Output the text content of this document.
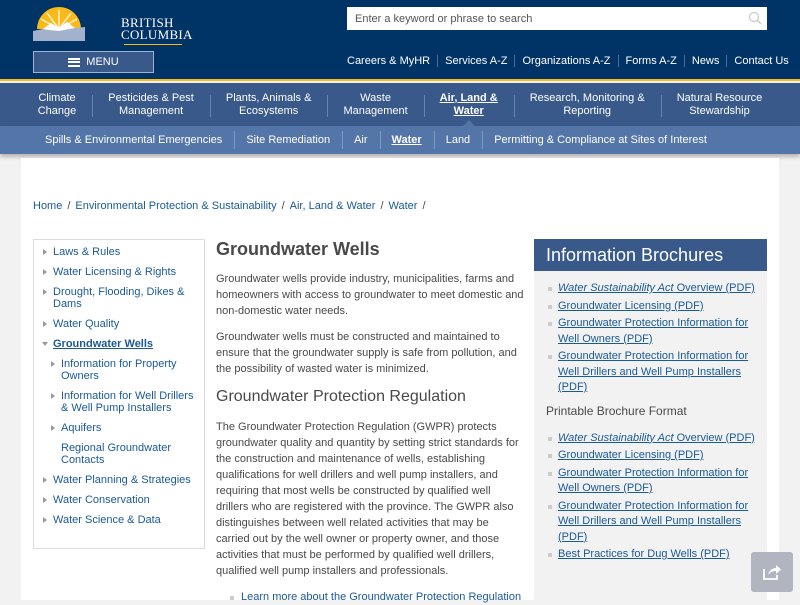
BRITISH
COLUMBIA
MENU
Enter a keyword or phrase to search
Careers & MyHR	Services A-Z	Organizations A-Z	Forms A-Z	News	Contact Us
Climate
Change
Pesticides & Pest
Management
Plants, Animals &
Ecosystems
Waste
Management
Air, Land &
Water
Research, Monitoring &
Reporting
Natural Resource
Stewardship
Spills & Environmental Emergencies	Site Remediation	Air	Water	Land	Permitting & Compliance at Sites of Interest
Home / Environmental Protection & Sustainability / Air, Land & Water / Water /
Laws & Rules
Water Licensing & Rights
Drought, Flooding, Dikes & Dams
Water Quality
Groundwater Wells
Information for Property Owners
Information for Well Drillers & Well Pump Installers
Aquifers
Regional Groundwater Contacts
Water Planning & Strategies
Water Conservation
Water Science & Data
Groundwater Wells

Groundwater wells provide industry, municipalities, farms and homeowners with access to groundwater to meet domestic and non-domestic water needs.

Groundwater wells must be constructed and maintained to ensure that the groundwater supply is safe from pollution, and the possibility of wasted water is minimized.

Groundwater Protection Regulation

The Groundwater Protection Regulation (GWPR) protects groundwater quality and quantity by setting strict standards for the construction and maintenance of wells, establishing qualifications for well drillers and well pump installers, and requiring that most wells be constructed by qualified well drillers who are registered with the province. The GWPR also distinguishes between well related activities that may be carried out by the well owner or property owner, and those activities that must be performed by qualified well drillers, qualified well pump installers and professionals.

Learn more about the Groundwater Protection Regulation
Information Brochures
Water Sustainability Act Overview (PDF)
Groundwater Licensing (PDF)
Groundwater Protection Information for Well Owners (PDF)
Groundwater Protection Information for Well Drillers and Well Pump Installers (PDF)
Printable Brochure Format
Water Sustainability Act Overview (PDF)
Groundwater Licensing (PDF)
Groundwater Protection Information for Well Owners (PDF)
Groundwater Protection Information for Well Drillers and Well Pump Installers (PDF)
Best Practices for Dug Wells (PDF)
